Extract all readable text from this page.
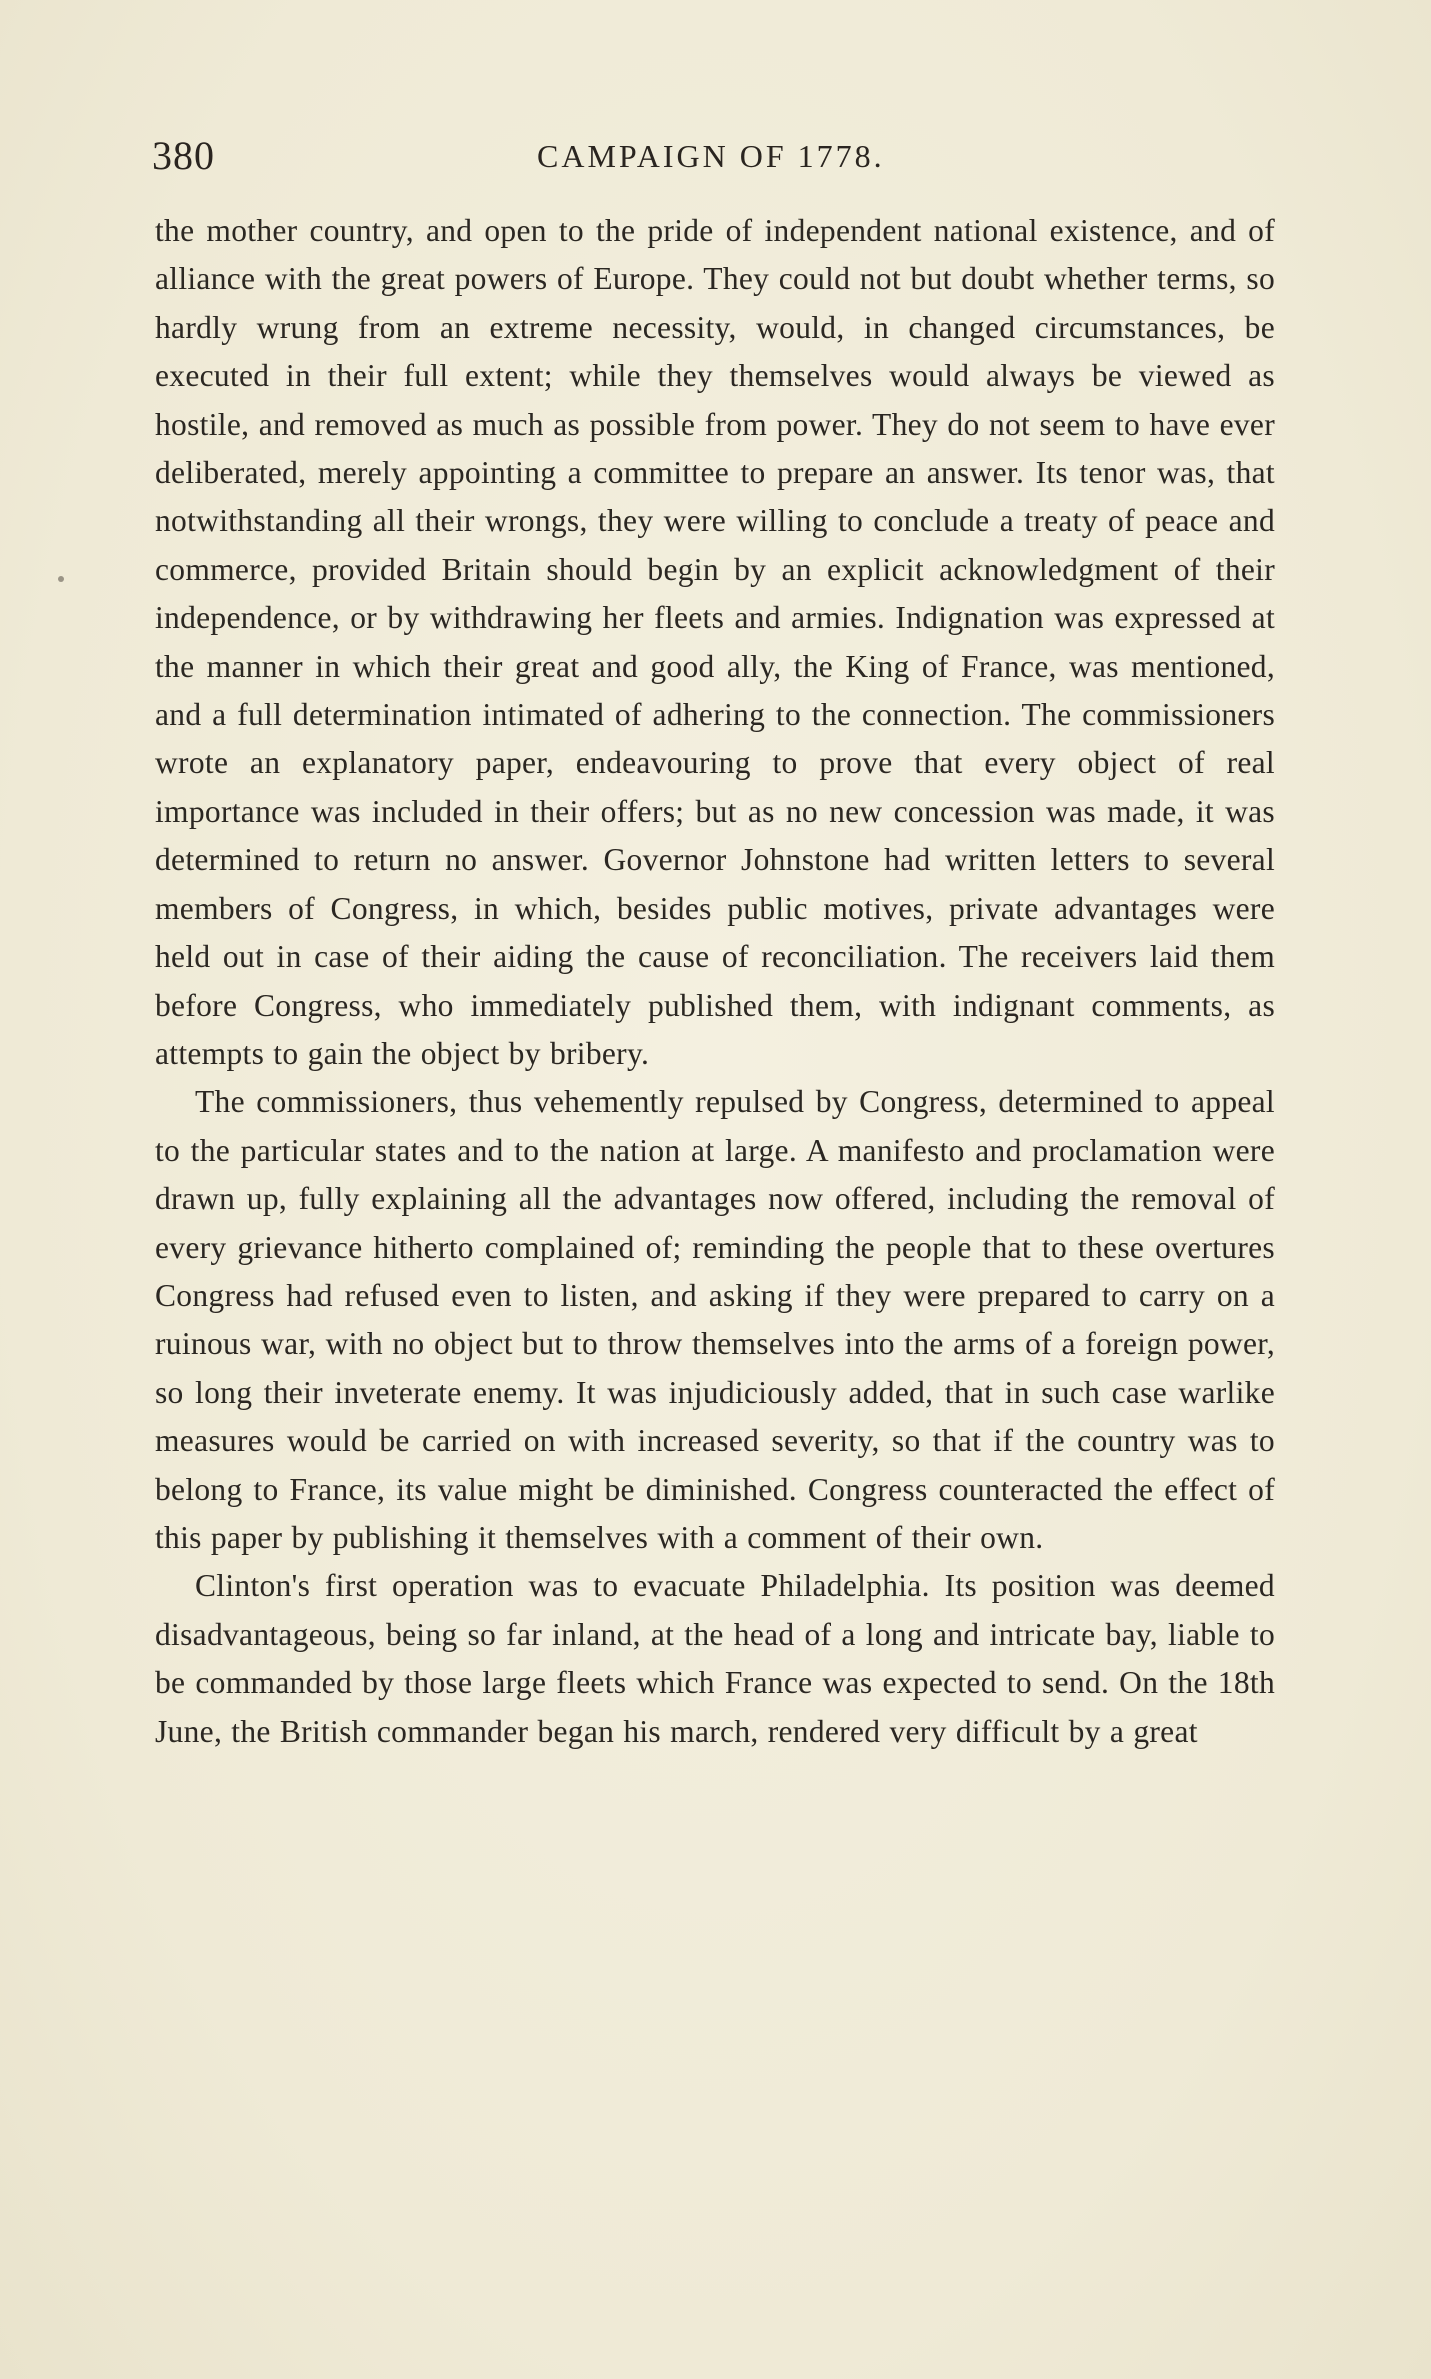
380	CAMPAIGN OF 1778.

the mother country, and open to the pride of independent national existence, and of alliance with the great powers of Europe. They could not but doubt whether terms, so hardly wrung from an extreme necessity, would, in changed circumstances, be executed in their full extent; while they themselves would always be viewed as hostile, and removed as much as possible from power. They do not seem to have ever deliberated, merely appointing a committee to prepare an answer. Its tenor was, that notwithstanding all their wrongs, they were willing to conclude a treaty of peace and commerce, provided Britain should begin by an explicit acknowledgment of their independence, or by withdrawing her fleets and armies. Indignation was expressed at the manner in which their great and good ally, the King of France, was mentioned, and a full determination intimated of adhering to the connection. The commissioners wrote an explanatory paper, endeavouring to prove that every object of real importance was included in their offers; but as no new concession was made, it was determined to return no answer. Governor Johnstone had written letters to several members of Congress, in which, besides public motives, private advantages were held out in case of their aiding the cause of reconciliation. The receivers laid them before Congress, who immediately published them, with indignant comments, as attempts to gain the object by bribery.

The commissioners, thus vehemently repulsed by Congress, determined to appeal to the particular states and to the nation at large. A manifesto and proclamation were drawn up, fully explaining all the advantages now offered, including the removal of every grievance hitherto complained of; reminding the people that to these overtures Congress had refused even to listen, and asking if they were prepared to carry on a ruinous war, with no object but to throw themselves into the arms of a foreign power, so long their inveterate enemy. It was injudiciously added, that in such case warlike measures would be carried on with increased severity, so that if the country was to belong to France, its value might be diminished. Congress counteracted the effect of this paper by publishing it themselves with a comment of their own.

Clinton's first operation was to evacuate Philadelphia. Its position was deemed disadvantageous, being so far inland, at the head of a long and intricate bay, liable to be commanded by those large fleets which France was expected to send. On the 18th June, the British commander began his march, rendered very difficult by a great
